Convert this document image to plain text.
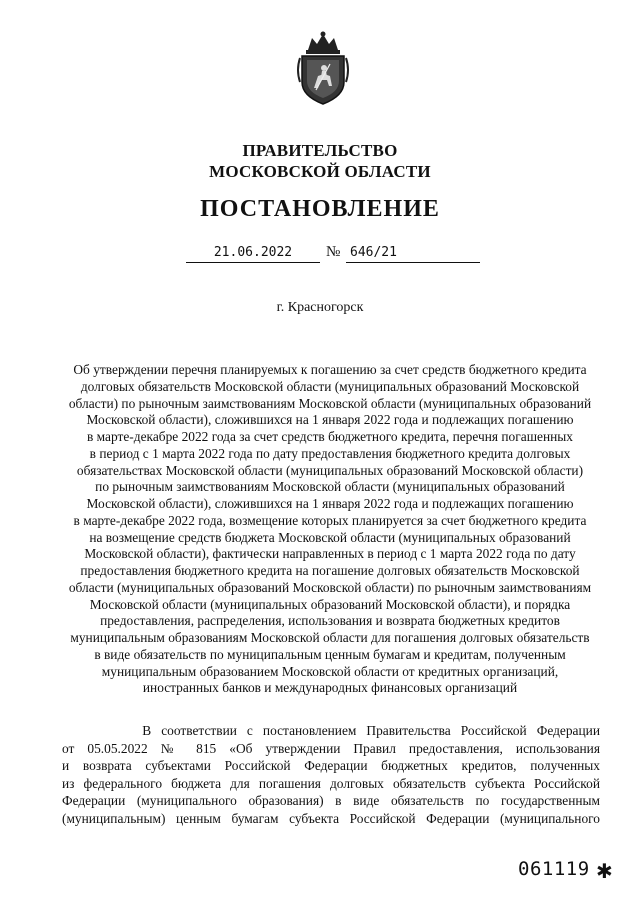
ПРАВИТЕЛЬСТВО
МОСКОВСКОЙ ОБЛАСТИ
ПОСТАНОВЛЕНИЕ
21.06.2022	№ 646/21
г. Красногорск
Об утверждении перечня планируемых к погашению за счет средств бюджетного кредита
долговых обязательств Московской области (муниципальных образований Московской
области) по рыночным заимствованиям Московской области (муниципальных образований
Московской области), сложившихся на 1 января 2022 года и подлежащих погашению
в марте-декабре 2022 года за счет средств бюджетного кредита, перечня погашенных
в период с 1 марта 2022 года по дату предоставления бюджетного кредита долговых
обязательствах Московской области (муниципальных образований Московской области)
по рыночным заимствованиям Московской области (муниципальных образований
Московской области), сложившихся на 1 января 2022 года и подлежащих погашению
в марте-декабре 2022 года, возмещение которых планируется за счет бюджетного кредита
на возмещение средств бюджета Московской области (муниципальных образований
Московской области), фактически направленных в период с 1 марта 2022 года по дату
предоставления бюджетного кредита на погашение долговых обязательств Московской
области (муниципальных образований Московской области) по рыночным заимствованиям
Московской области (муниципальных образований Московской области), и порядка
предоставления, распределения, использования и возврата бюджетных кредитов
муниципальным образованиям Московской области для погашения долговых обязательств
в виде обязательств по муниципальным ценным бумагам и кредитам, полученным
муниципальным образованием Московской области от кредитных организаций,
иностранных банков и международных финансовых организаций
В соответствии с постановлением Правительства Российской Федерации
от 05.05.2022 № 815 «Об утверждении Правил предоставления, использования
и возврата субъектами Российской Федерации бюджетных кредитов, полученных
из федерального бюджета для погашения долговых обязательств субъекта Российской
Федерации (муниципального образования) в виде обязательств по государственным
(муниципальным) ценным бумагам субъекта Российской Федерации (муниципального
061119 ✱
